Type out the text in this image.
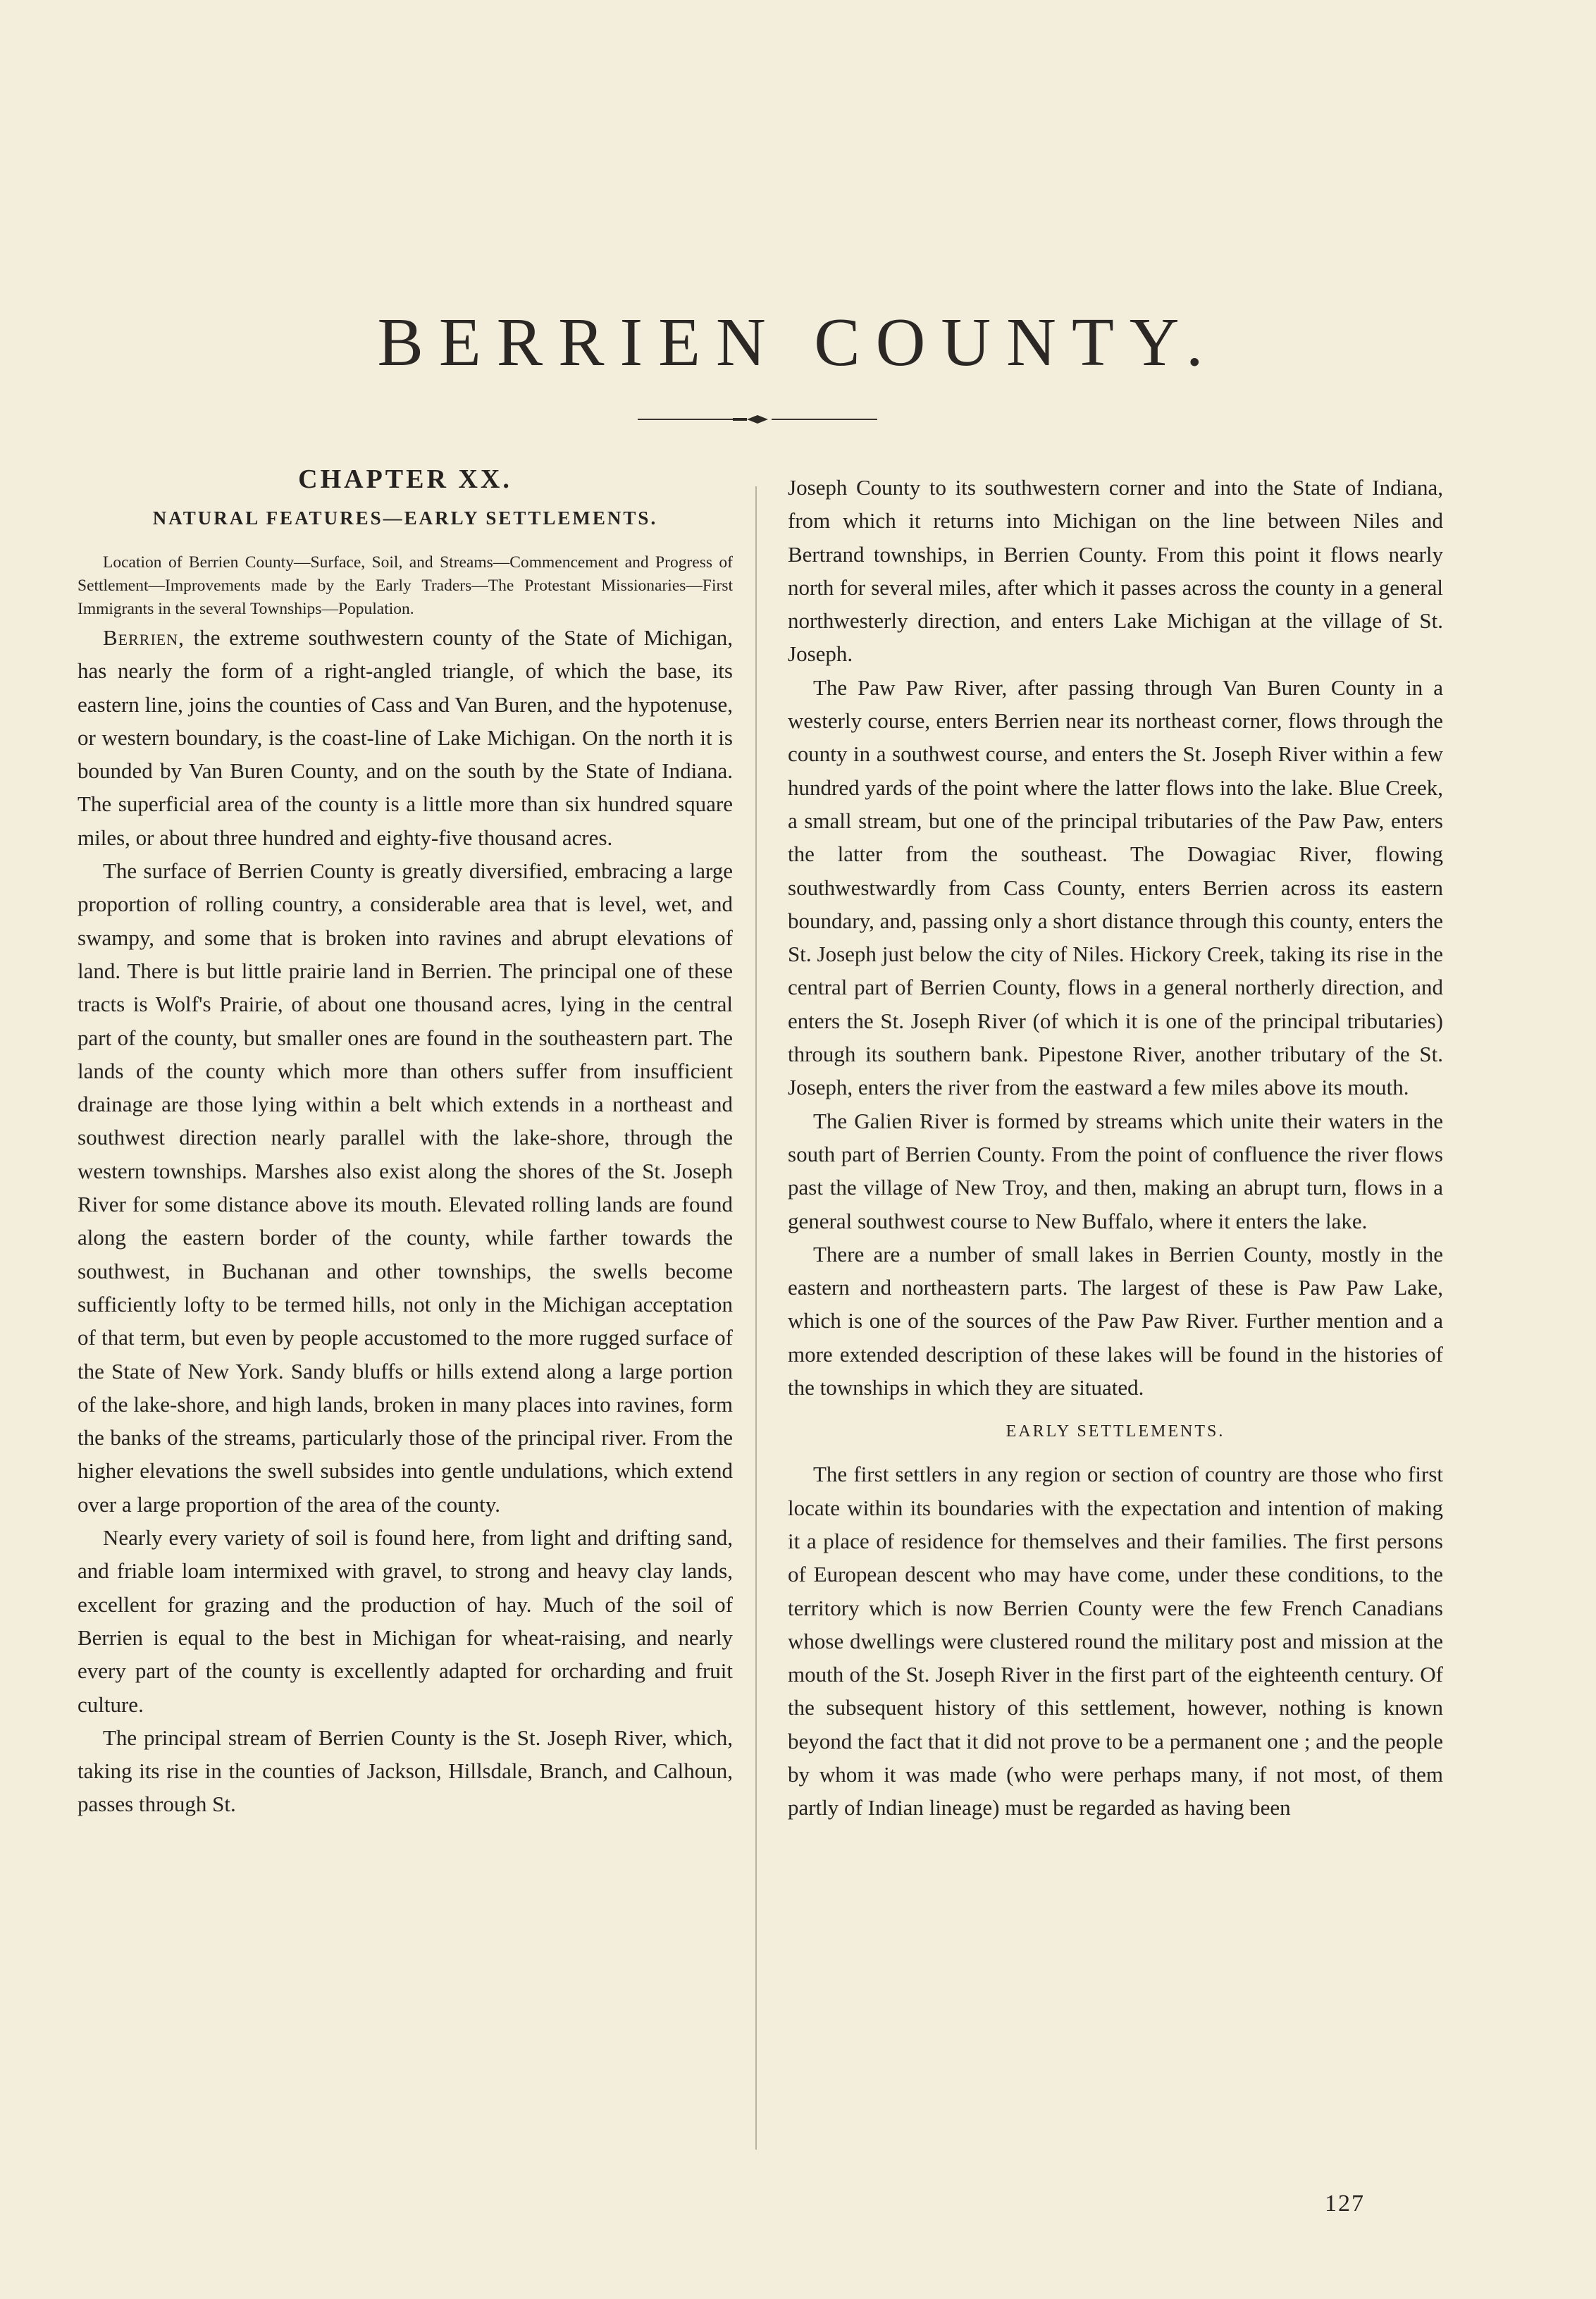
BERRIEN COUNTY.
CHAPTER XX.
NATURAL FEATURES—EARLY SETTLEMENTS.

Location of Berrien County—Surface, Soil, and Streams—Commencement and Progress of Settlement—Improvements made by the Early Traders—The Protestant Missionaries—First Immigrants in the several Townships—Population.

Berrien, the extreme southwestern county of the State of Michigan, has nearly the form of a right-angled triangle, of which the base, its eastern line, joins the counties of Cass and Van Buren, and the hypotenuse, or western boundary, is the coast-line of Lake Michigan. On the north it is bounded by Van Buren County, and on the south by the State of Indiana. The superficial area of the county is a little more than six hundred square miles, or about three hundred and eighty-five thousand acres.

The surface of Berrien County is greatly diversified, embracing a large proportion of rolling country, a considerable area that is level, wet, and swampy, and some that is broken into ravines and abrupt elevations of land. There is but little prairie land in Berrien. The principal one of these tracts is Wolf's Prairie, of about one thousand acres, lying in the central part of the county, but smaller ones are found in the southeastern part. The lands of the county which more than others suffer from insufficient drainage are those lying within a belt which extends in a northeast and southwest direction nearly parallel with the lake-shore, through the western townships. Marshes also exist along the shores of the St. Joseph River for some distance above its mouth. Elevated rolling lands are found along the eastern border of the county, while farther towards the southwest, in Buchanan and other townships, the swells become sufficiently lofty to be termed hills, not only in the Michigan acceptation of that term, but even by people accustomed to the more rugged surface of the State of New York. Sandy bluffs or hills extend along a large portion of the lake-shore, and high lands, broken in many places into ravines, form the banks of the streams, particularly those of the principal river. From the higher elevations the swell subsides into gentle undulations, which extend over a large proportion of the area of the county.

Nearly every variety of soil is found here, from light and drifting sand, and friable loam intermixed with gravel, to strong and heavy clay lands, excellent for grazing and the production of hay. Much of the soil of Berrien is equal to the best in Michigan for wheat-raising, and nearly every part of the county is excellently adapted for orcharding and fruit culture.

The principal stream of Berrien County is the St. Joseph River, which, taking its rise in the counties of Jackson, Hillsdale, Branch, and Calhoun, passes through St.

Joseph County to its southwestern corner and into the State of Indiana, from which it returns into Michigan on the line between Niles and Bertrand townships, in Berrien County. From this point it flows nearly north for several miles, after which it passes across the county in a general northwesterly direction, and enters Lake Michigan at the village of St. Joseph.

The Paw Paw River, after passing through Van Buren County in a westerly course, enters Berrien near its northeast corner, flows through the county in a southwest course, and enters the St. Joseph River within a few hundred yards of the point where the latter flows into the lake. Blue Creek, a small stream, but one of the principal tributaries of the Paw Paw, enters the latter from the southeast. The Dowagiac River, flowing southwestwardly from Cass County, enters Berrien across its eastern boundary, and, passing only a short distance through this county, enters the St. Joseph just below the city of Niles. Hickory Creek, taking its rise in the central part of Berrien County, flows in a general northerly direction, and enters the St. Joseph River (of which it is one of the principal tributaries) through its southern bank. Pipestone River, another tributary of the St. Joseph, enters the river from the eastward a few miles above its mouth.

The Galien River is formed by streams which unite their waters in the south part of Berrien County. From the point of confluence the river flows past the village of New Troy, and then, making an abrupt turn, flows in a general southwest course to New Buffalo, where it enters the lake.

There are a number of small lakes in Berrien County, mostly in the eastern and northeastern parts. The largest of these is Paw Paw Lake, which is one of the sources of the Paw Paw River. Further mention and a more extended description of these lakes will be found in the histories of the townships in which they are situated.

EARLY SETTLEMENTS.

The first settlers in any region or section of country are those who first locate within its boundaries with the expectation and intention of making it a place of residence for themselves and their families. The first persons of European descent who may have come, under these conditions, to the territory which is now Berrien County were the few French Canadians whose dwellings were clustered round the military post and mission at the mouth of the St. Joseph River in the first part of the eighteenth century. Of the subsequent history of this settlement, however, nothing is known beyond the fact that it did not prove to be a permanent one ; and the people by whom it was made (who were perhaps many, if not most, of them partly of Indian lineage) must be regarded as having been

127
